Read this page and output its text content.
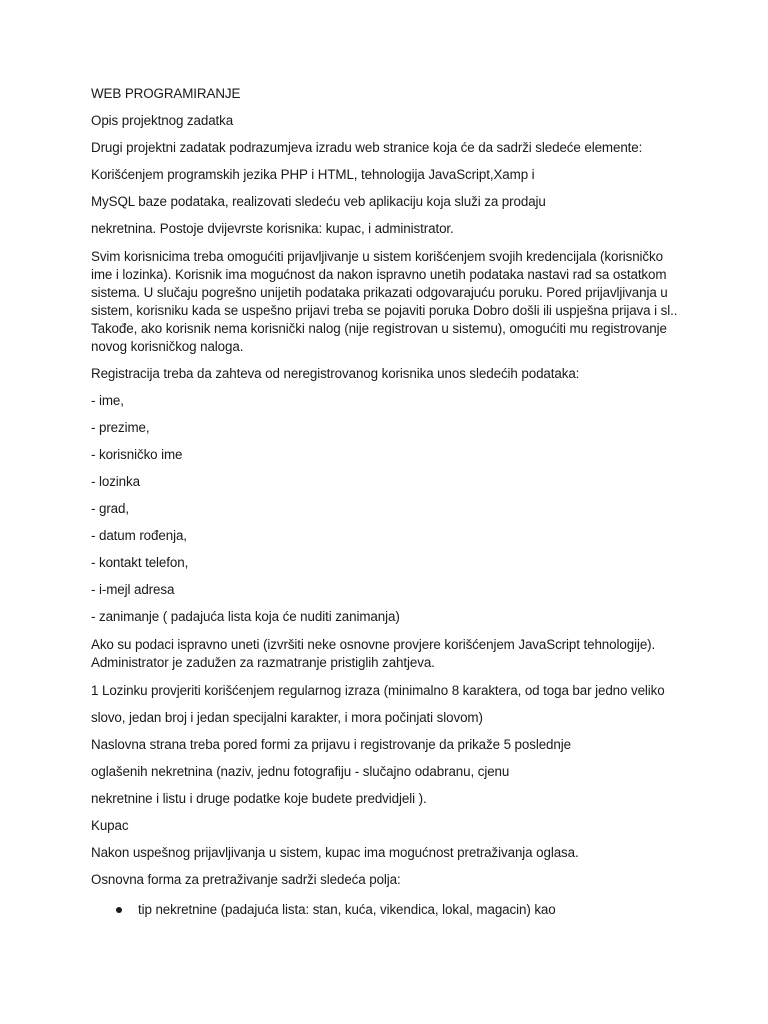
WEB PROGRAMIRANJE
Opis projektnog zadatka
Drugi projektni zadatak podrazumjeva izradu web stranice koja će da sadrži sledeće elemente:
Korišćenjem programskih jezika PHP i HTML, tehnologija JavaScript,Xamp i
MySQL baze podataka, realizovati sledeću veb aplikaciju koja služi za prodaju
nekretnina. Postoje dvijevrste korisnika: kupac, i administrator.
Svim korisnicima treba omogućiti prijavljivanje u sistem korišćenjem svojih kredencijala (korisničko
ime i lozinka). Korisnik ima mogućnost da nakon ispravno unetih podataka nastavi rad sa ostatkom
sistema. U slučaju pogrešno unijetih podataka prikazati odgovarajuću poruku. Pored prijavljivanja u
sistem, korisniku kada se uspešno prijavi treba se pojaviti poruka Dobro došli ili uspješna prijava i sl..
Takođe, ako korisnik nema korisnički nalog (nije registrovan u sistemu), omogućiti mu registrovanje
novog korisničkog naloga.
Registracija treba da zahteva od neregistrovanog korisnika unos sledećih podataka:
- ime,
- prezime,
- korisničko ime
- lozinka
- grad,
- datum rođenja,
- kontakt telefon,
- i-mejl adresa
- zanimanje ( padajuća lista koja će nuditi zanimanja)
Ako su podaci ispravno uneti (izvršiti neke osnovne provjere korišćenjem JavaScript tehnologije).
Administrator je zadužen za razmatranje pristiglih zahtjeva.
1 Lozinku provjeriti korišćenjem regularnog izraza (minimalno 8 karaktera, od toga bar jedno veliko
slovo, jedan broj i jedan specijalni karakter, i mora počinjati slovom)
Naslovna strana treba pored formi za prijavu i registrovanje da prikaže 5 poslednje
oglašenih nekretnina (naziv, jednu fotografiju - slučajno odabranu, cjenu
nekretnine i listu i druge podatke koje budete predvidjeli ).
Kupac
Nakon uspešnog prijavljivanja u sistem, kupac ima mogućnost pretraživanja oglasa.
Osnovna forma za pretraživanje sadrži sledeća polja:
tip nekretnine (padajuća lista: stan, kuća, vikendica, lokal, magacin) kao
